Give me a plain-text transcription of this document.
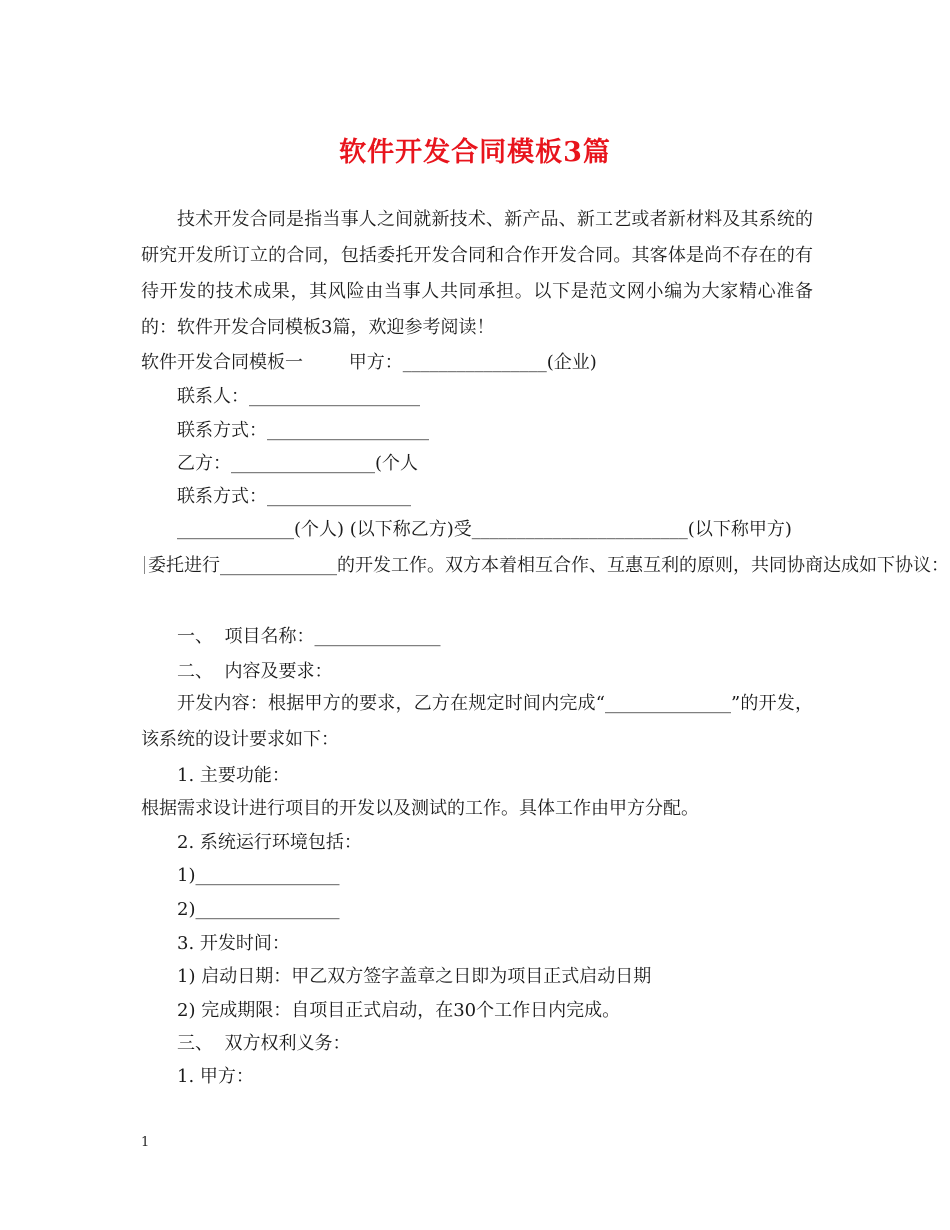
软件开发合同模板3篇

技术开发合同是指当事人之间就新技术、新产品、新工艺或者新材料及其系统的研究开发所订立的合同，包括委托开发合同和合作开发合同。其客体是尚不存在的有待开发的技术成果，其风险由当事人共同承担。以下是范文网小编为大家精心准备的：软件开发合同模板3篇，欢迎参考阅读！

软件开发合同模板一	甲方：________________(企业)
联系人：___________________
联系方式：__________________
乙方：________________(个人
联系方式：________________
_____________(个人) (以下称乙方)受________________________(以下称甲方)
委托进行_____________的开发工作。双方本着相互合作、互惠互利的原则，共同协商达成如下协议：
一、  项目名称：______________
二、  内容及要求：

开发内容：根据甲方的要求，乙方在规定时间内完成“______________”的开发，该系统的设计要求如下：

1. 主要功能：
根据需求设计进行项目的开发以及测试的工作。具体工作由甲方分配。
2. 系统运行环境包括：
1)________________
2)________________
3. 开发时间：
1) 启动日期：甲乙双方签字盖章之日即为项目正式启动日期
2) 完成期限：自项目正式启动，在30个工作日内完成。
三、  双方权利义务：
1. 甲方：
1
